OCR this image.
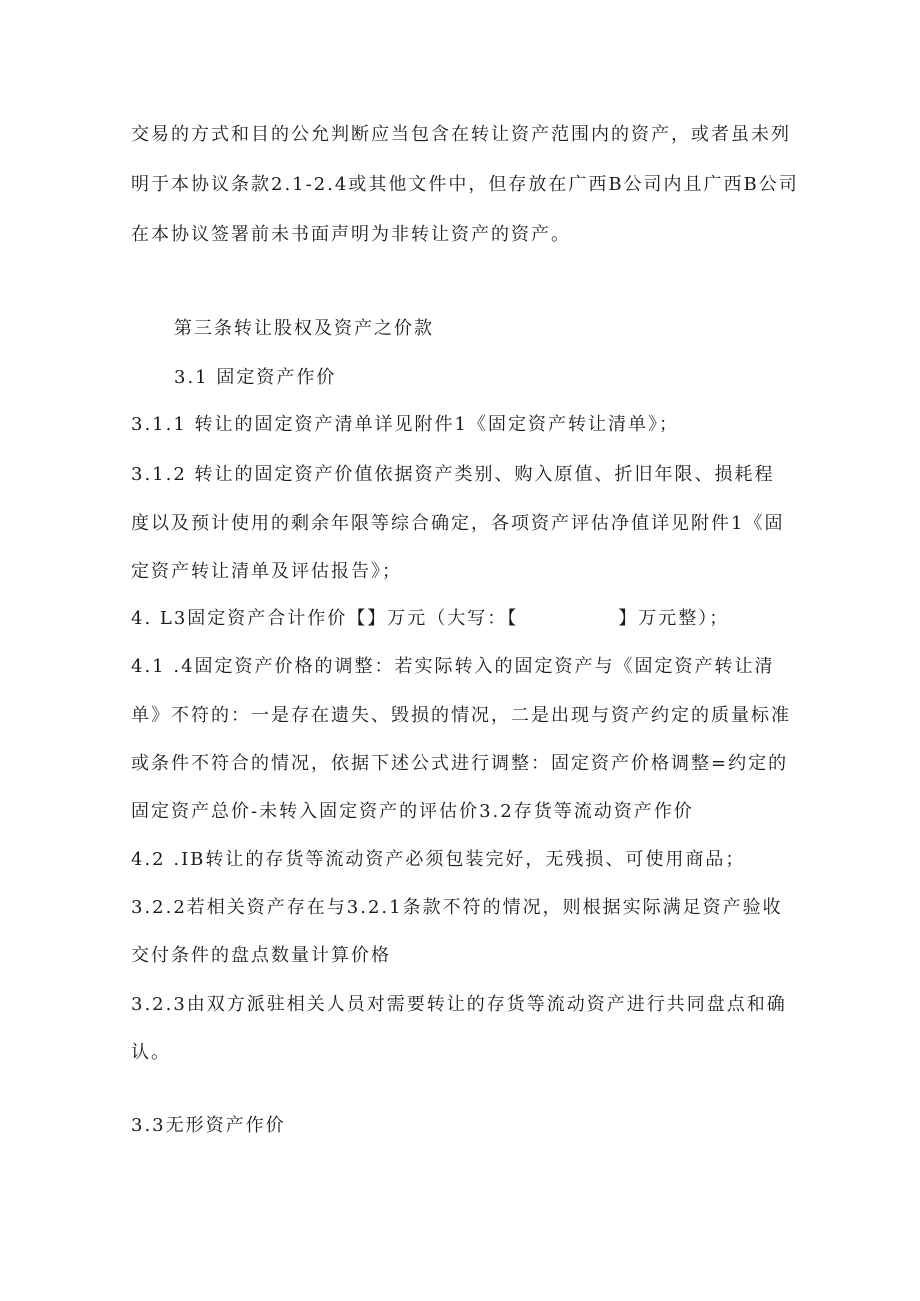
交易的方式和目的公允判断应当包含在转让资产范围内的资产，或者虽未列
明于本协议条款2.1-2.4或其他文件中，但存放在广西B公司内且广西B公司
在本协议签署前未书面声明为非转让资产的资产。
第三条转让股权及资产之价款
3.1 固定资产作价
3.1.1 转让的固定资产清单详见附件1《固定资产转让清单》；
3.1.2 转让的固定资产价值依据资产类别、购入原值、折旧年限、损耗程
度以及预计使用的剩余年限等综合确定，各项资产评估净值详见附件1《固
定资产转让清单及评估报告》；
4. L3固定资产合计作价【】万元（大写：【　　　　　】万元整）；
4.1 .4固定资产价格的调整：若实际转入的固定资产与《固定资产转让清
单》不符的：一是存在遗失、毁损的情况，二是出现与资产约定的质量标准
或条件不符合的情况，依据下述公式进行调整：固定资产价格调整=约定的
固定资产总价-未转入固定资产的评估价3.2存货等流动资产作价
4.2 .IB转让的存货等流动资产必须包装完好，无残损、可使用商品；
3.2.2若相关资产存在与3.2.1条款不符的情况，则根据实际满足资产验收
交付条件的盘点数量计算价格
3.2.3由双方派驻相关人员对需要转让的存货等流动资产进行共同盘点和确
认。
3.3无形资产作价
